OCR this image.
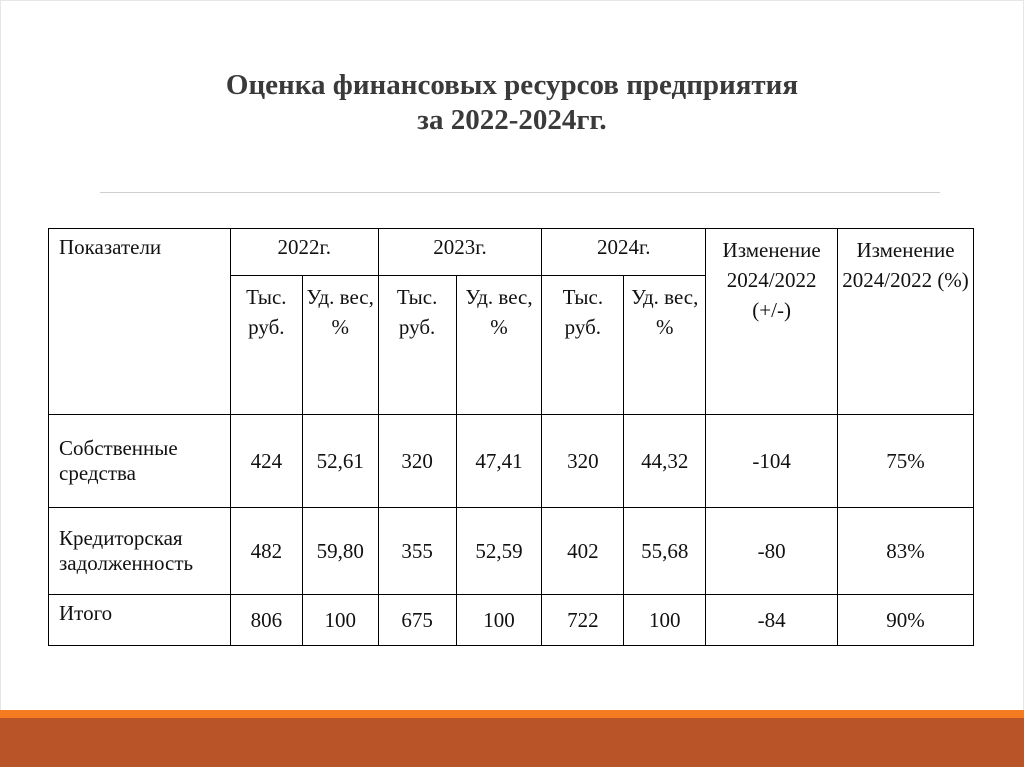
Оценка финансовых ресурсов предприятия
за 2022-2024гг.
Показатели	2022г.		2023г.		2024г.		Изменение 2024/2022 (+/-)	Изменение 2024/2022 (%)
	Тыс. руб.	Уд. вес, %	Тыс. руб.	Уд. вес, %	Тыс. руб.	Уд. вес, %		
Собственные средства	424	52,61	320	47,41	320	44,32	-104	75%
Кредиторская задолженность	482	59,80	355	52,59	402	55,68	-80	83%
Итого	806	100	675	100	722	100	-84	90%
